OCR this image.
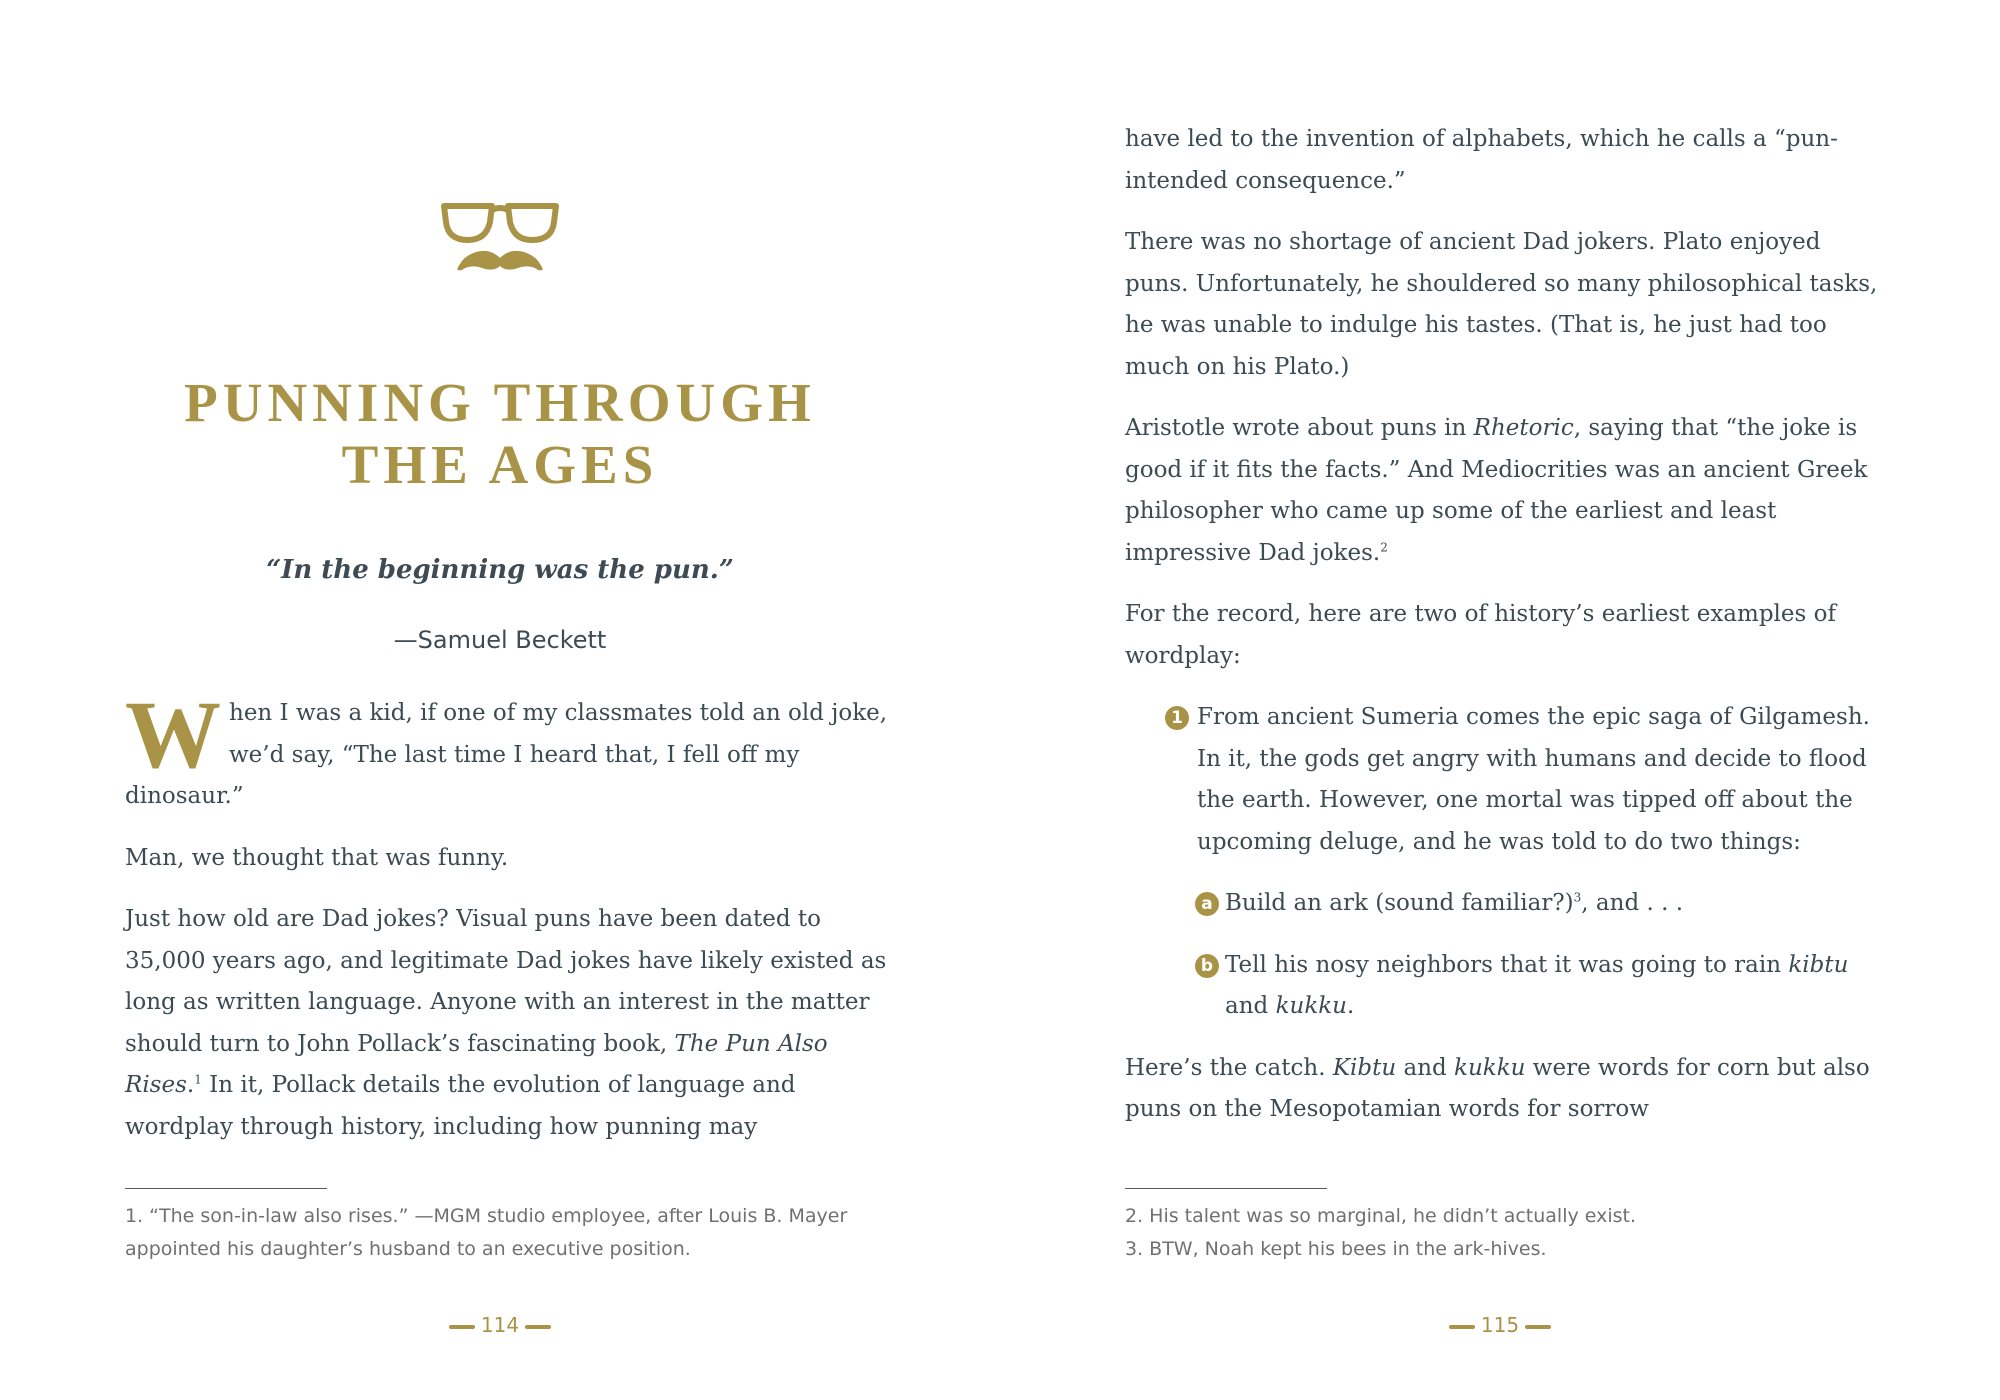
PUNNING THROUGH
THE AGES
“In the beginning was the pun.”
—Samuel Beckett

When I was a kid, if one of my classmates told an old joke, we’d say, “The last time I heard that, I fell off my dinosaur.”

Man, we thought that was funny.

Just how old are Dad jokes? Visual puns have been dated to 35,000 years ago, and legitimate Dad jokes have likely existed as long as written language. Anyone with an interest in the matter should turn to John Pollack’s fascinating book, The Pun Also Rises.$^1$ In it, Pollack details the evolution of language and wordplay through history, including how punning may

1. “The son-in-law also rises.” —MGM studio employee, after Louis B. Mayer appointed his daughter’s husband to an executive position.

114

have led to the invention of alphabets, which he calls a “pun-intended consequence.”

There was no shortage of ancient Dad jokers. Plato enjoyed puns. Unfortunately, he shouldered so many philosophical tasks, he was unable to indulge his tastes. (That is, he just had too much on his Plato.)

Aristotle wrote about puns in Rhetoric, saying that “the joke is good if it fits the facts.” And Mediocrities was an ancient Greek philosopher who came up some of the earliest and least impressive Dad jokes.$^2$

For the record, here are two of history’s earliest examples of wordplay:

1 From ancient Sumeria comes the epic saga of Gilgamesh. In it, the gods get angry with humans and decide to flood the earth. However, one mortal was tipped off about the upcoming deluge, and he was told to do two things:
a Build an ark (sound familiar?)$^3$, and . . .
b Tell his nosy neighbors that it was going to rain kibtu and kukku.

Here’s the catch. Kibtu and kukku were words for corn but also puns on the Mesopotamian words for sorrow

2. His talent was so marginal, he didn’t actually exist.

3. BTW, Noah kept his bees in the ark-hives.

115
